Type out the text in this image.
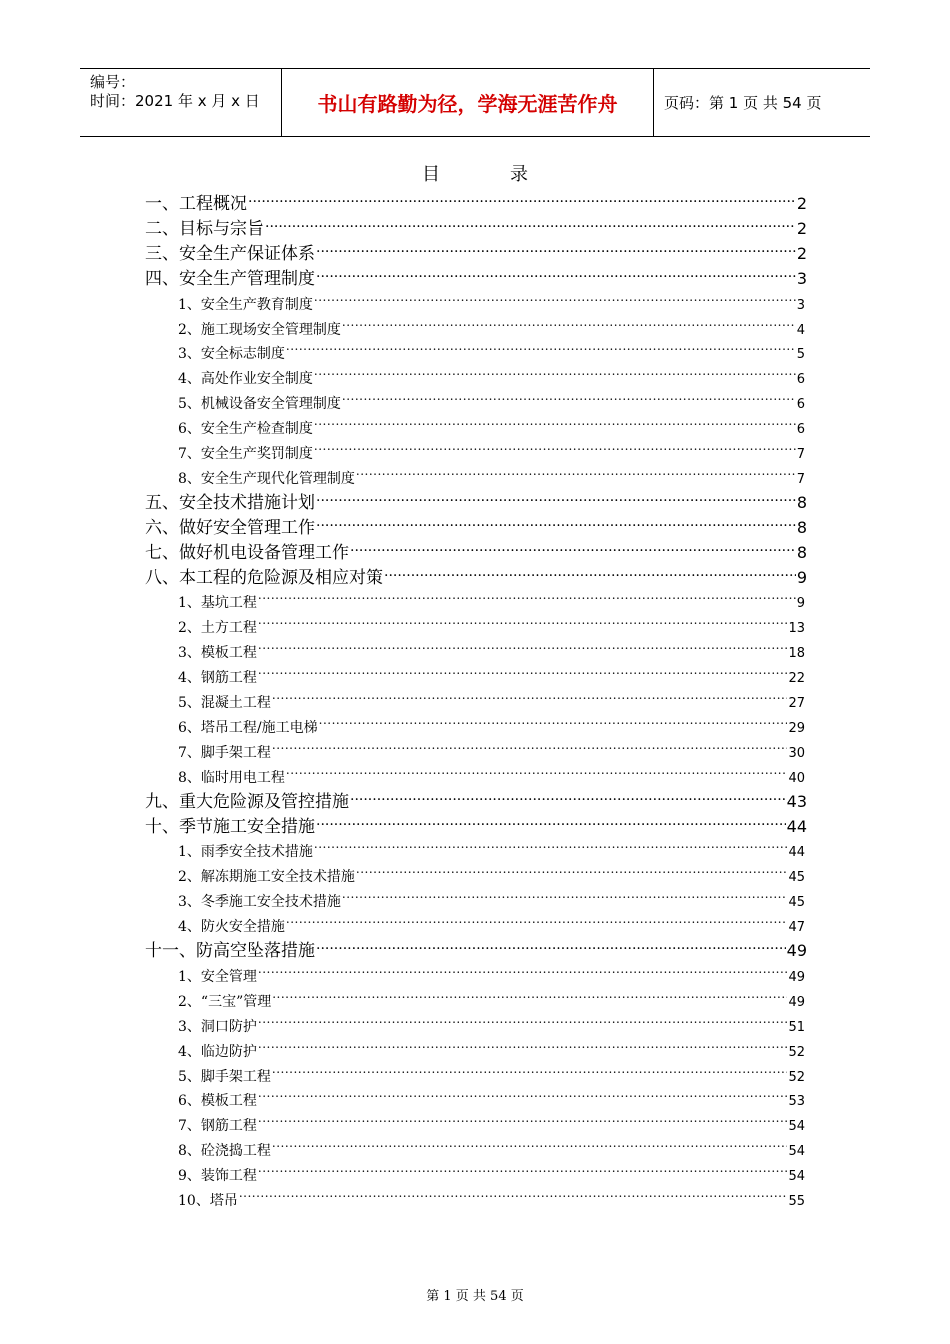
编号：
时间：2021 年 x 月 x 日	书山有路勤为径，学海无涯苦作舟	页码：第 1 页 共 54 页
目	录
一、工程概况 .....	2
二、目标与宗旨 .....	2
三、安全生产保证体系 .....	2
四、安全生产管理制度 .....	3
1、安全生产教育制度 .....	3
2、施工现场安全管理制度 .....	4
3、安全标志制度 .....	5
4、高处作业安全制度 .....	6
5、机械设备安全管理制度 .....	6
6、安全生产检查制度 .....	6
7、安全生产奖罚制度 .....	7
8、安全生产现代化管理制度 .....	7
五、安全技术措施计划 .....	8
六、做好安全管理工作 .....	8
七、做好机电设备管理工作 .....	8
八、本工程的危险源及相应对策 .....	9
1、基坑工程 .....	9
2、土方工程 .....	13
3、模板工程 .....	18
4、钢筋工程 .....	22
5、混凝土工程 .....	27
6、塔吊工程/施工电梯 .....	29
7、脚手架工程 .....	30
8、临时用电工程 .....	40
九、重大危险源及管控措施 .....	43
十、季节施工安全措施 .....	44
1、雨季安全技术措施 .....	44
2、解冻期施工安全技术措施 .....	45
3、冬季施工安全技术措施 .....	45
4、防火安全措施 .....	47
十一、防高空坠落措施 .....	49
1、安全管理 .....	49
2、“三宝”管理 .....	49
3、洞口防护 .....	51
4、临边防护 .....	52
5、脚手架工程 .....	52
6、模板工程 .....	53
7、钢筋工程 .....	54
8、砼浇捣工程 .....	54
9、装饰工程 .....	54
10、塔吊 .....	55
第 1 页 共 54 页
